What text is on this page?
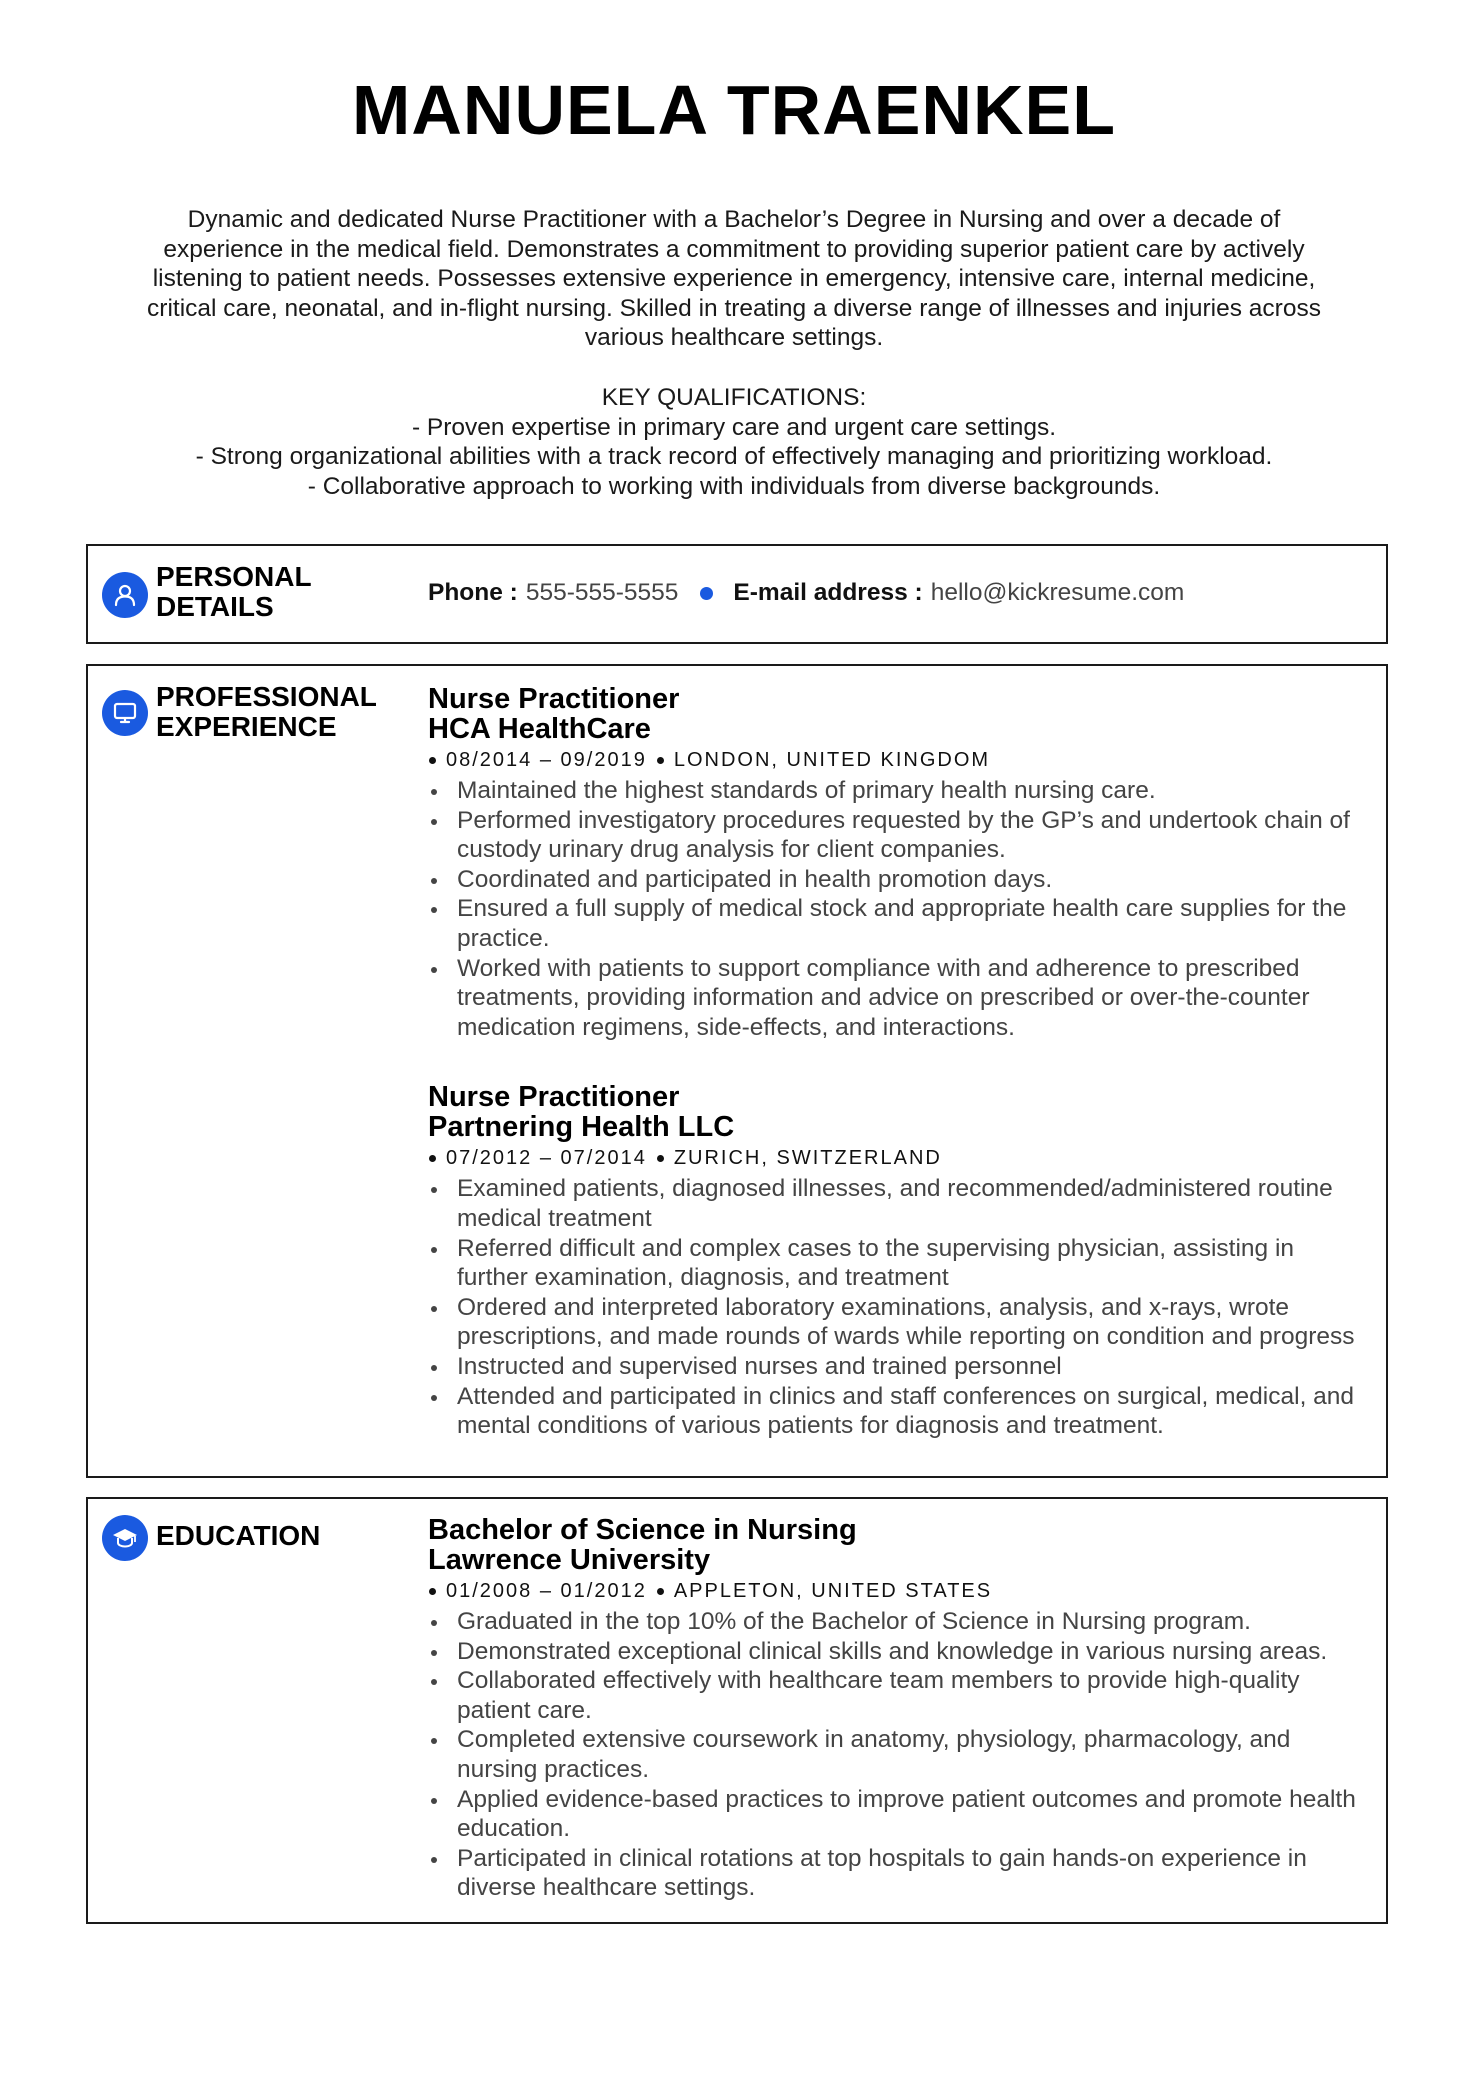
MANUELA TRAENKEL

Dynamic and dedicated Nurse Practitioner with a Bachelor’s Degree in Nursing and over a decade of

experience in the medical field. Demonstrates a commitment to providing superior patient care by actively

listening to patient needs. Possesses extensive experience in emergency, intensive care, internal medicine,

critical care, neonatal, and in-flight nursing. Skilled in treating a diverse range of illnesses and injuries across

various healthcare settings.

KEY QUALIFICATIONS:
- Proven expertise in primary care and urgent care settings.
- Strong organizational abilities with a track record of effectively managing and prioritizing workload.
- Collaborative approach to working with individuals from diverse backgrounds.
PERSONAL DETAILS	Phone : 555-555-5555 E-mail address : hello@kickresume.com
PROFESSIONAL EXPERIENCE
Nurse Practitioner
HCA HealthCare
08/2014 – 09/2019 LONDON, UNITED KINGDOM
Maintained the highest standards of primary health nursing care.
Performed investigatory procedures requested by the GP’s and undertook chain of custody urinary drug analysis for client companies.
Coordinated and participated in health promotion days.
Ensured a full supply of medical stock and appropriate health care supplies for the practice.
Worked with patients to support compliance with and adherence to prescribed treatments, providing information and advice on prescribed or over-the-counter medication regimens, side-effects, and interactions.
Nurse Practitioner
Partnering Health LLC
07/2012 – 07/2014 ZURICH, SWITZERLAND
Examined patients, diagnosed illnesses, and recommended/administered routine medical treatment
Referred difficult and complex cases to the supervising physician, assisting in further examination, diagnosis, and treatment
Ordered and interpreted laboratory examinations, analysis, and x-rays, wrote prescriptions, and made rounds of wards while reporting on condition and progress
Instructed and supervised nurses and trained personnel
Attended and participated in clinics and staff conferences on surgical, medical, and mental conditions of various patients for diagnosis and treatment.
EDUCATION	Bachelor of Science in Nursing
Lawrence University
01/2008 – 01/2012 APPLETON, UNITED STATES
Graduated in the top 10% of the Bachelor of Science in Nursing program.
Demonstrated exceptional clinical skills and knowledge in various nursing areas.
Collaborated effectively with healthcare team members to provide high-quality patient care.
Completed extensive coursework in anatomy, physiology, pharmacology, and nursing practices.
Applied evidence-based practices to improve patient outcomes and promote health education.
Participated in clinical rotations at top hospitals to gain hands-on experience in diverse healthcare settings.
